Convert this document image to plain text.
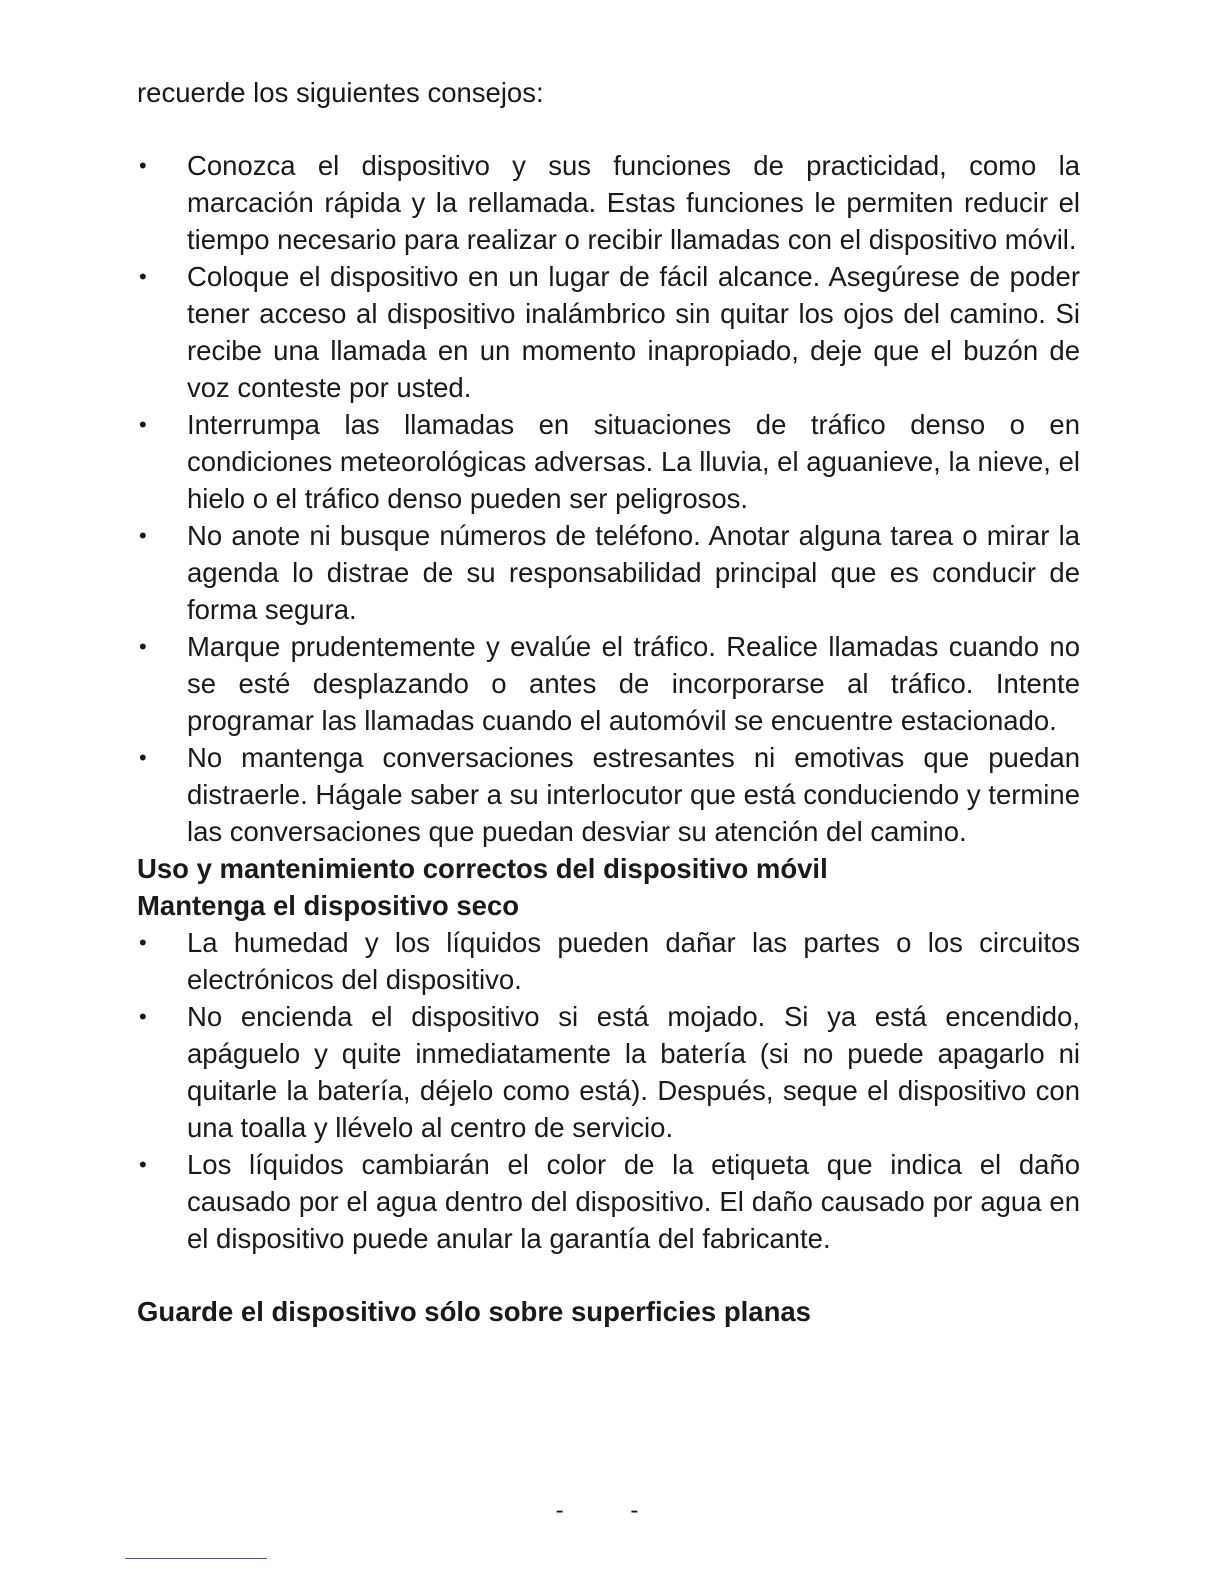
recuerde los siguientes consejos:

• Conozca el dispositivo y sus funciones de practicidad, como la marcación rápida y la rellamada. Estas funciones le permiten reducir el tiempo necesario para realizar o recibir llamadas con el dispositivo móvil.
• Coloque el dispositivo en un lugar de fácil alcance. Asegúrese de poder tener acceso al dispositivo inalámbrico sin quitar los ojos del camino. Si recibe una llamada en un momento inapropiado, deje que el buzón de voz conteste por usted.
• Interrumpa las llamadas en situaciones de tráfico denso o en condiciones meteorológicas adversas. La lluvia, el aguanieve, la nieve, el hielo o el tráfico denso pueden ser peligrosos.
• No anote ni busque números de teléfono. Anotar alguna tarea o mirar la agenda lo distrae de su responsabilidad principal que es conducir de forma segura.
• Marque prudentemente y evalúe el tráfico. Realice llamadas cuando no se esté desplazando o antes de incorporarse al tráfico. Intente programar las llamadas cuando el automóvil se encuentre estacionado.
• No mantenga conversaciones estresantes ni emotivas que puedan distraerle. Hágale saber a su interlocutor que está conduciendo y termine las conversaciones que puedan desviar su atención del camino.

Uso y mantenimiento correctos del dispositivo móvil

Mantenga el dispositivo seco

• La humedad y los líquidos pueden dañar las partes o los circuitos electrónicos del dispositivo.
• No encienda el dispositivo si está mojado. Si ya está encendido, apáguelo y quite inmediatamente la batería (si no puede apagarlo ni quitarle la batería, déjelo como está). Después, seque el dispositivo con una toalla y llévelo al centro de servicio.
• Los líquidos cambiarán el color de la etiqueta que indica el daño causado por el agua dentro del dispositivo. El daño causado por agua en el dispositivo puede anular la garantía del fabricante.

Guarde el dispositivo sólo sobre superficies planas

- -
